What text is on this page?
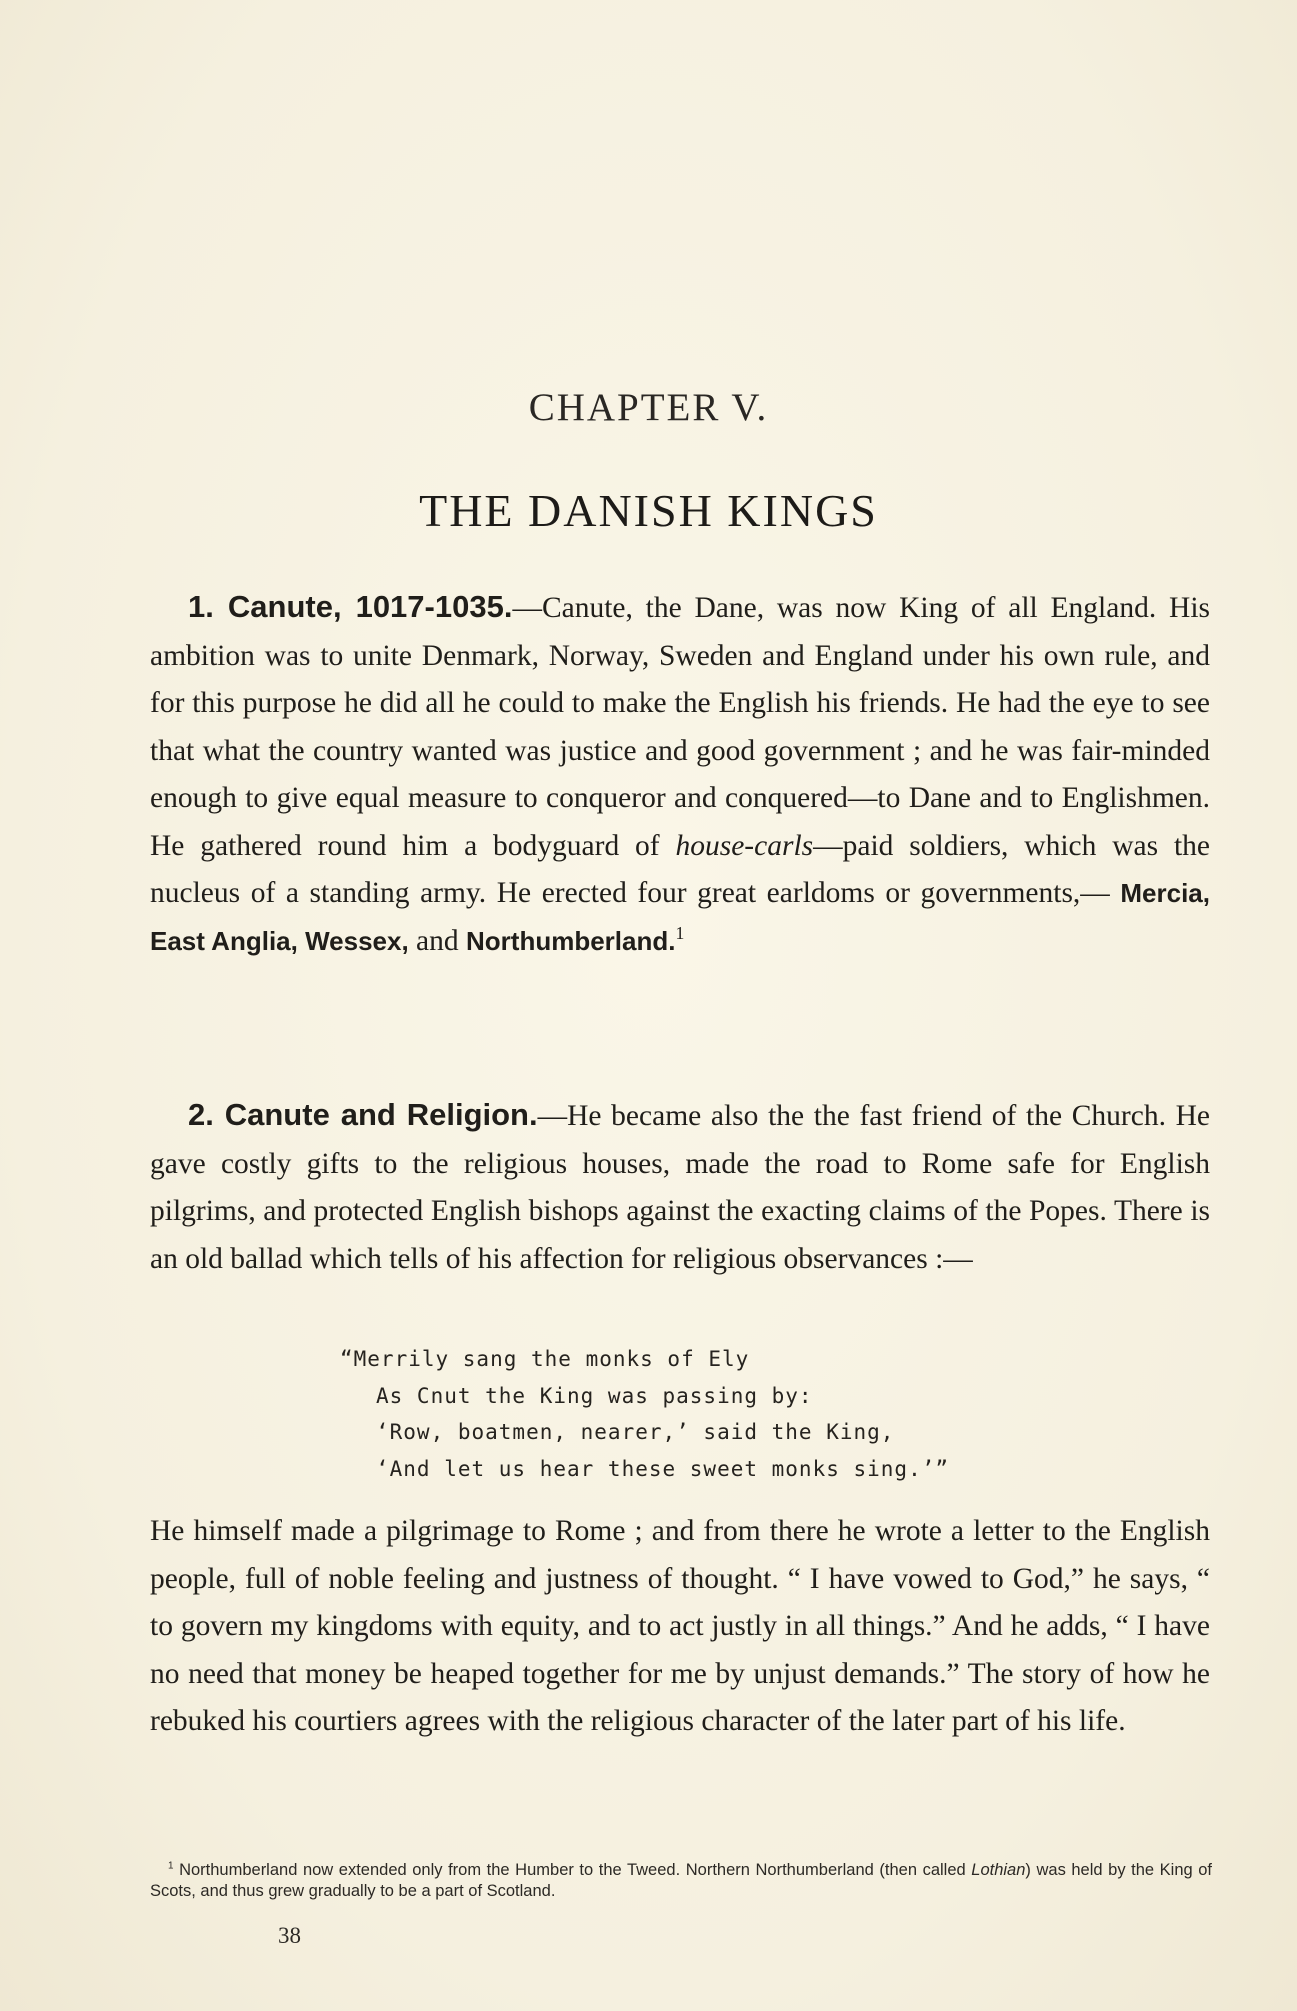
CHAPTER V.
THE DANISH KINGS

1. Canute, 1017-1035.—Canute, the Dane, was now King of all England. His ambition was to unite Denmark, Norway, Sweden and England under his own rule, and for this purpose he did all he could to make the English his friends. He had the eye to see that what the country wanted was justice and good government ; and he was fair-minded enough to give equal measure to conqueror and conquered—to Dane and to Englishmen. He gathered round him a bodyguard of house-carls—paid soldiers, which was the nucleus of a standing army. He erected four great earldoms or governments,— Mercia, East Anglia, Wessex, and Northumberland.$^1$

2. Canute and Religion.—He became also the the fast friend of the Church. He gave costly gifts to the religious houses, made the road to Rome safe for English pilgrims, and protected English bishops against the exacting claims of the Popes. There is an old ballad which tells of his affection for religious observances :—

“Merrily sang the monks of Ely
As Cnut the King was passing by:
‘Row, boatmen, nearer,’ said the King,
‘And let us hear these sweet monks sing.’”

He himself made a pilgrimage to Rome ; and from there he wrote a letter to the English people, full of noble feeling and justness of thought. “ I have vowed to God,” he says, “ to govern my kingdoms with equity, and to act justly in all things.” And he adds, “ I have no need that money be heaped together for me by unjust demands.” The story of how he rebuked his courtiers agrees with the religious character of the later part of his life.

$^1$ Northumberland now extended only from the Humber to the Tweed. Northern Northumberland (then called Lothian) was held by the King of Scots, and thus grew gradually to be a part of Scotland.

38
